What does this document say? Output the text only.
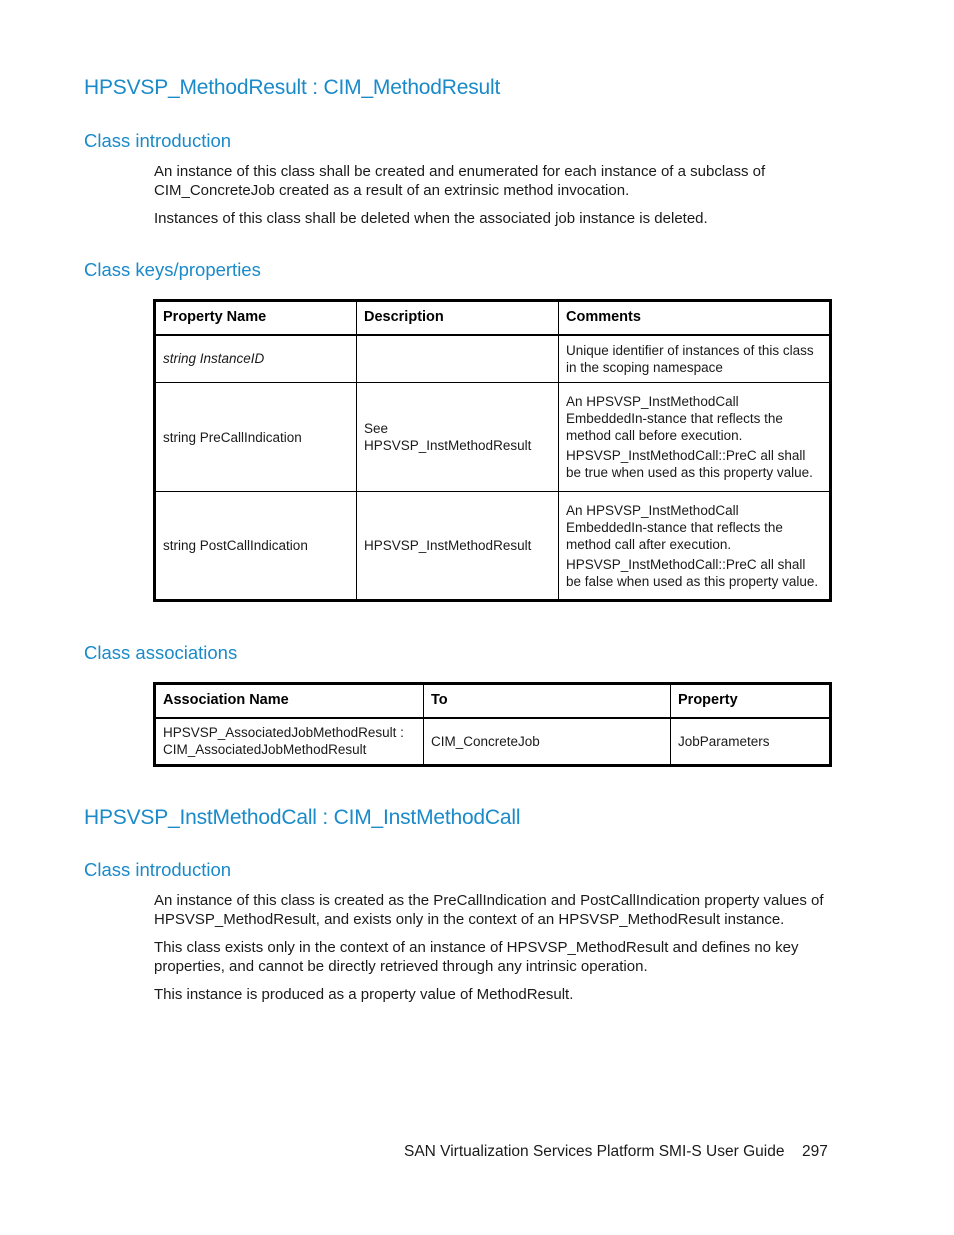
HPSVSP_MethodResult : CIM_MethodResult
Class introduction

An instance of this class shall be created and enumerated for each instance of a subclass of CIM_ConcreteJob created as a result of an extrinsic method invocation.

Instances of this class shall be deleted when the associated job instance is deleted.

Class keys/properties
Property Name	Description	Comments
string InstanceID		Unique identifier of instances of this class in the scoping namespace

string PreCallIndication	See HPSVSP_InstMethodResult	An HPSVSP_InstMethodCall EmbeddedIn-stance that reflects the method call before execution.

HPSVSP_InstMethodCall::PreC all shall be true when used as this property value.

string PostCallIndication	HPSVSP_InstMethodResult	An HPSVSP_InstMethodCall EmbeddedIn-stance that reflects the method call after execution.

HPSVSP_InstMethodCall::PreC all shall be false when used as this property value.

Class associations
Association Name	To	Property

HPSVSP_AssociatedJobMethodResult :

CIM_AssociatedJobMethodResult	CIM_ConcreteJob	JobParameters
HPSVSP_InstMethodCall : CIM_InstMethodCall
Class introduction

An instance of this class is created as the PreCallIndication and PostCallIndication property values of HPSVSP_MethodResult, and exists only in the context of an HPSVSP_MethodResult instance.

This class exists only in the context of an instance of HPSVSP_MethodResult and defines no key properties, and cannot be directly retrieved through any intrinsic operation.

This instance is produced as a property value of MethodResult.

SAN Virtualization Services Platform SMI-S User Guide 297
